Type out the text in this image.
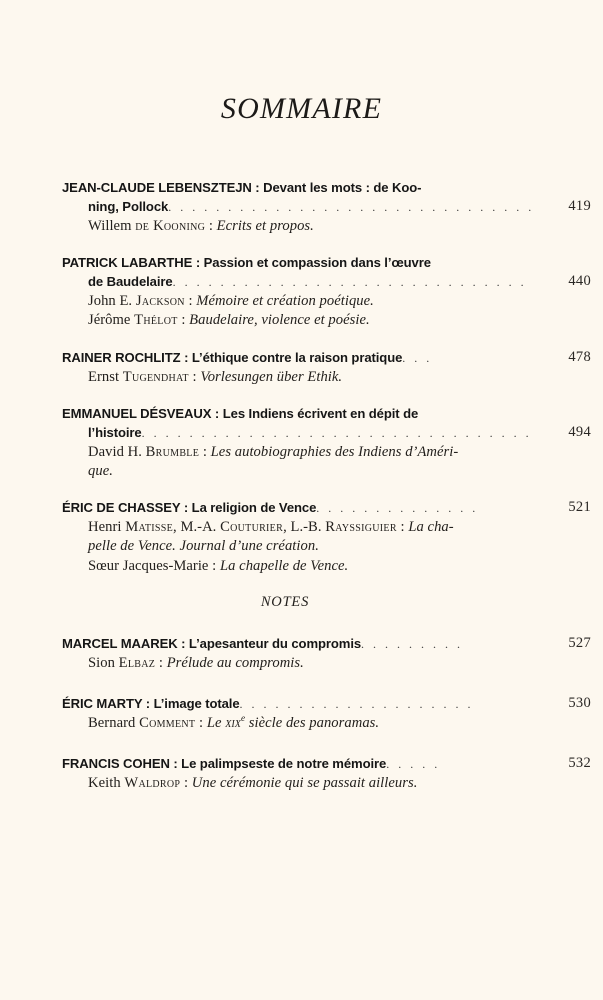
SOMMAIRE
JEAN-CLAUDE LEBENSZTEJN : Devant les mots : de Koo-
ning, Pollock. . . . . . . . . . . . . . . . . . . . . . . . . . . . . . . 419
Willem de Kooning : Ecrits et propos.
PATRICK LABARTHE : Passion et compassion dans l’œuvre
de Baudelaire. . . . . . . . . . . . . . . . . . . . . . . . . . . . . .	440
John E. Jackson : Mémoire et création poétique.
Jérôme Thélot : Baudelaire, violence et poésie.
RAINER ROCHLITZ : L’éthique contre la raison pratique. . .	478
Ernst Tugendhat : Vorlesungen über Ethik.
EMMANUEL DÉSVEAUX : Les Indiens écrivent en dépit de
l’histoire. . . . . . . . . . . . . . . . . . . . . . . . . . . . . . . . .	494
David H. Brumble : Les autobiographies des Indiens d’Améri-
que.
ÉRIC DE CHASSEY : La religion de Vence. . . . . . . . . . . . . .	521
Henri Matisse, M.-A. Couturier, L.-B. Rayssiguier : La cha-
pelle de Vence. Journal d’une création.
Sœur Jacques-Marie : La chapelle de Vence.
NOTES
MARCEL MAAREK : L’apesanteur du compromis. . . . . . . . .	527
Sion Elbaz : Prélude au compromis.
ÉRIC MARTY : L’image totale. . . . . . . . . . . . . . . . . . . .	530
Bernard Comment : Le xix$^e$ siècle des panoramas.
FRANCIS COHEN : Le palimpseste de notre mémoire. . . . .	532
Keith Waldrop : Une cérémonie qui se passait ailleurs.
